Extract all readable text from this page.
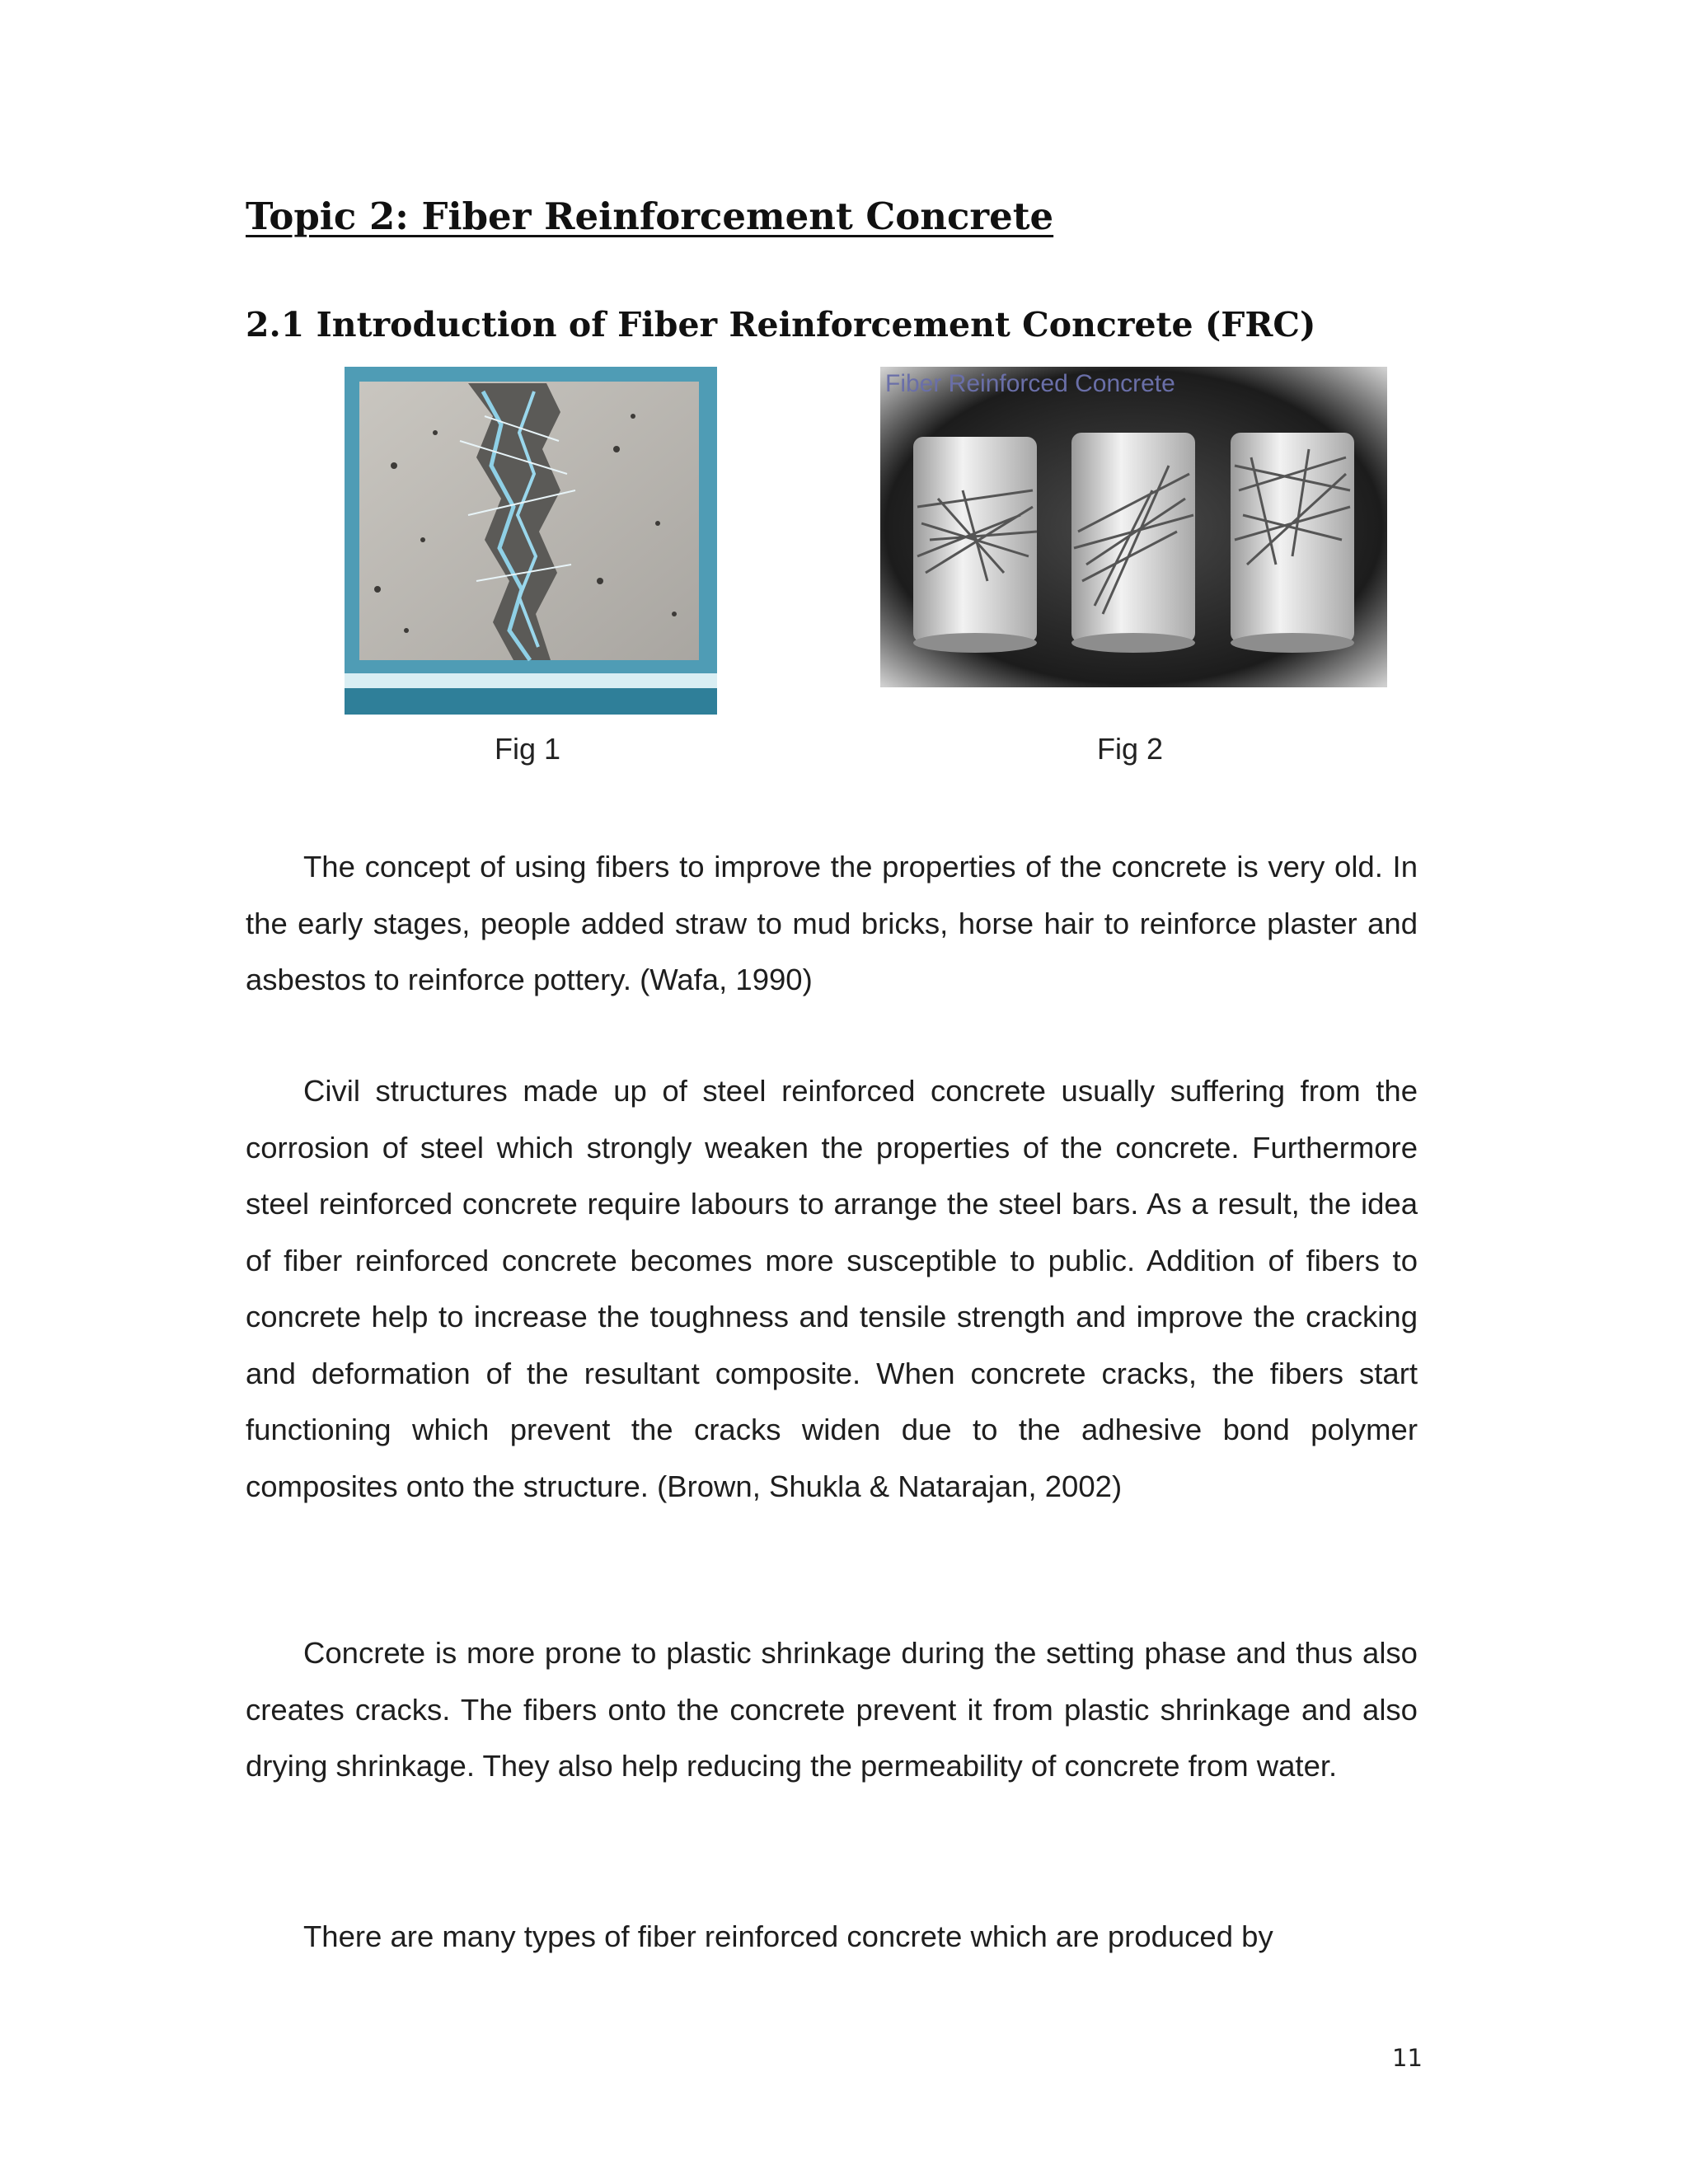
Topic 2: Fiber Reinforcement Concrete
2.1 Introduction of Fiber Reinforcement Concrete (FRC)
Fiber Reinforced Concrete
Fig 1	Fig 2

The concept of using fibers to improve the properties of the concrete is very old. In the early stages, people added straw to mud bricks, horse hair to reinforce plaster and asbestos to reinforce pottery. (Wafa, 1990)

Civil structures made up of steel reinforced concrete usually suffering from the corrosion of steel which strongly weaken the properties of the concrete. Furthermore steel reinforced concrete require labours to arrange the steel bars. As a result, the idea of fiber reinforced concrete becomes more susceptible to public. Addition of fibers to concrete help to increase the toughness and tensile strength and improve the cracking and deformation of the resultant composite. When concrete cracks, the fibers start functioning which prevent the cracks widen due to the adhesive bond polymer composites onto the structure. (Brown, Shukla & Natarajan, 2002)

Concrete is more prone to plastic shrinkage during the setting phase and thus also creates cracks. The fibers onto the concrete prevent it from plastic shrinkage and also drying shrinkage. They also help reducing the permeability of concrete from water.

There are many types of fiber reinforced concrete which are produced by

11
